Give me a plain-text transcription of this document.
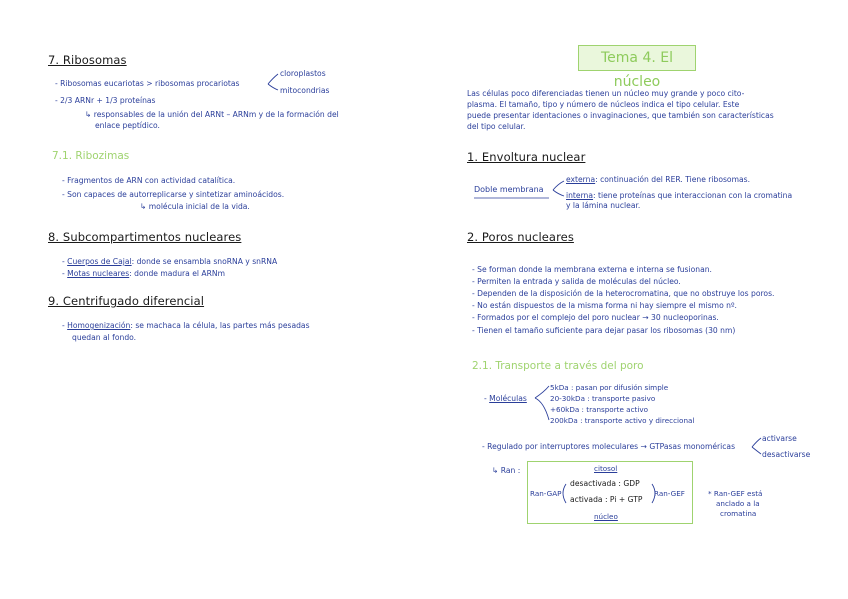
7. Ribosomas
- Ribosomas eucariotas > ribosomas procariotas
cloroplastos
mitocondrias
- 2/3 ARNr + 1/3 proteínas
↳ responsables de la unión del ARNt – ARNm y de la formación del
enlace peptídico.
7.1. Ribozimas
- Fragmentos de ARN con actividad catalítica.
- Son capaces de autorreplicarse y sintetizar aminoácidos.
↳ molécula inicial de la vida.
8. Subcompartimentos nucleares
- Cuerpos de Cajal: donde se ensambla snoRNA y snRNA
- Motas nucleares: donde madura el ARNm
9. Centrifugado diferencial
- Homogenización: se machaca la célula, las partes más pesadas
quedan al fondo.
Tema 4. El núcleo
Las células poco diferenciadas tienen un núcleo muy grande y poco cito-
plasma. El tamaño, tipo y número de núcleos indica el tipo celular. Este
puede presentar identaciones o invaginaciones, que también son características
del tipo celular.
1. Envoltura nuclear
Doble membrana
externa: continuación del RER. Tiene ribosomas.
interna: tiene proteínas que interaccionan con la cromatina
y la lámina nuclear.
2. Poros nucleares
- Se forman donde la membrana externa e interna se fusionan.
- Permiten la entrada y salida de moléculas del núcleo.
- Dependen de la disposición de la heterocromatina, que no obstruye los poros.
- No están dispuestos de la misma forma ni hay siempre el mismo nº.
- Formados por el complejo del poro nuclear → 30 nucleoporinas.
- Tienen el tamaño suficiente para dejar pasar los ribosomas (30 nm)
2.1. Transporte a través del poro
- Moléculas
5kDa : pasan por difusión simple
20-30kDa : transporte pasivo
+60kDa : transporte activo
200kDa : transporte activo y direccional
- Regulado por interruptores moleculares → GTPasas monoméricas
activarse
desactivarse
↳ Ran :	citosol
Ran-GAP	Ran-GEF
desactivada : GDP
activada : Pi + GTP
núcleo
* Ran-GEF está
anclado a la
cromatina
